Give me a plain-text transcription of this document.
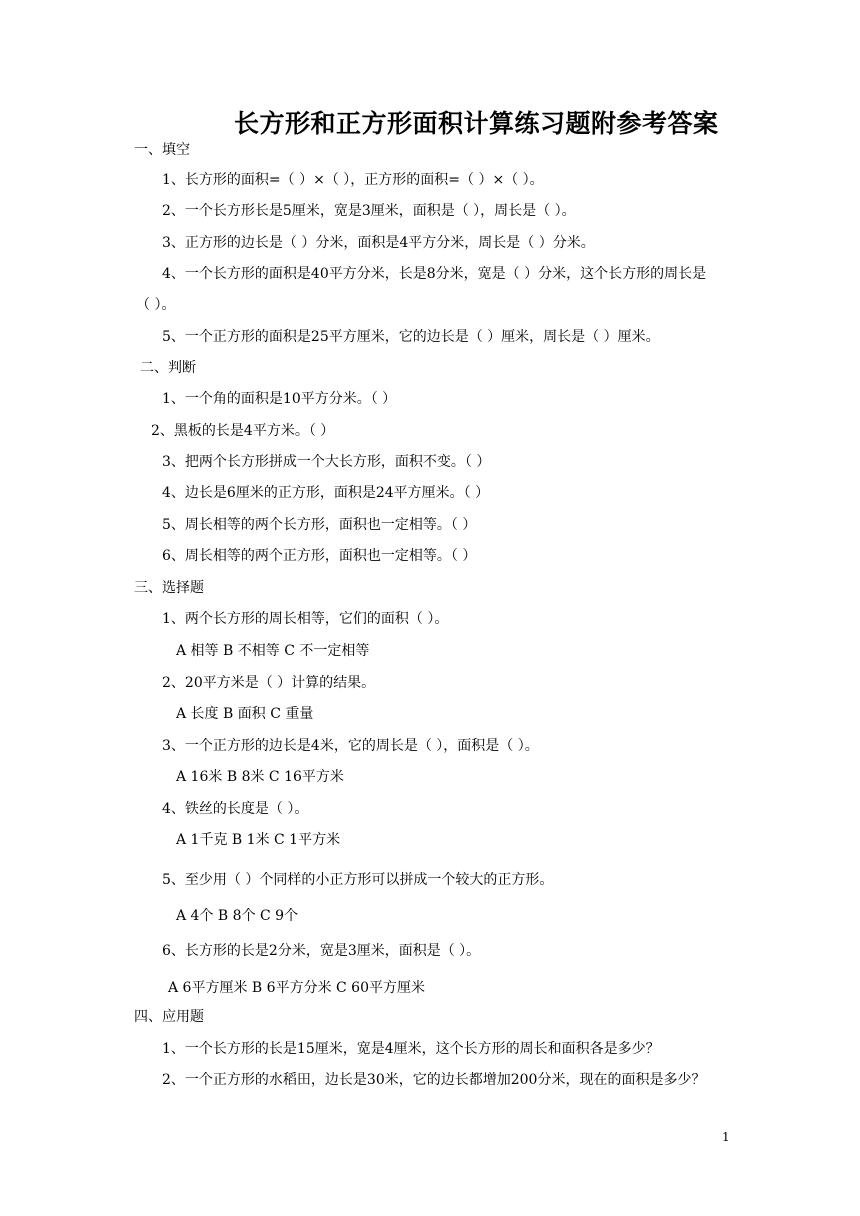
长方形和正方形面积计算练习题附参考答案
一、填空
1、长方形的面积=（ ）×（ ），正方形的面积=（ ）×（ ）。
2、一个长方形长是5厘米，宽是3厘米，面积是（ ），周长是（ ）。
3、正方形的边长是（ ）分米，面积是4平方分米，周长是（ ）分米。
4、一个长方形的面积是40平方分米，长是8分米，宽是（ ）分米，这个长方形的周长是
（ ）。
5、一个正方形的面积是25平方厘米，它的边长是（ ）厘米，周长是（ ）厘米。
二、判断
1、一个角的面积是10平方分米。（ ）
2、黑板的长是4平方米。（ ）
3、把两个长方形拼成一个大长方形，面积不变。（ ）
4、边长是6厘米的正方形，面积是24平方厘米。（ ）
5、周长相等的两个长方形，面积也一定相等。（ ）
6、周长相等的两个正方形，面积也一定相等。（ ）
三、选择题
1、两个长方形的周长相等，它们的面积（ ）。
A 相等 B 不相等 C 不一定相等
2、20平方米是（ ）计算的结果。
A 长度 B 面积 C 重量
3、一个正方形的边长是4米，它的周长是（ ），面积是（ ）。
A 16米 B 8米 C 16平方米
4、铁丝的长度是（ ）。
A 1千克 B 1米 C 1平方米
5、至少用（ ）个同样的小正方形可以拼成一个较大的正方形。
A 4个 B 8个 C 9个
6、长方形的长是2分米，宽是3厘米，面积是（ ）。
A 6平方厘米 B 6平方分米 C 60平方厘米
四、应用题
1、一个长方形的长是15厘米，宽是4厘米，这个长方形的周长和面积各是多少？
2、一个正方形的水稻田，边长是30米，它的边长都增加200分米，现在的面积是多少？
1
